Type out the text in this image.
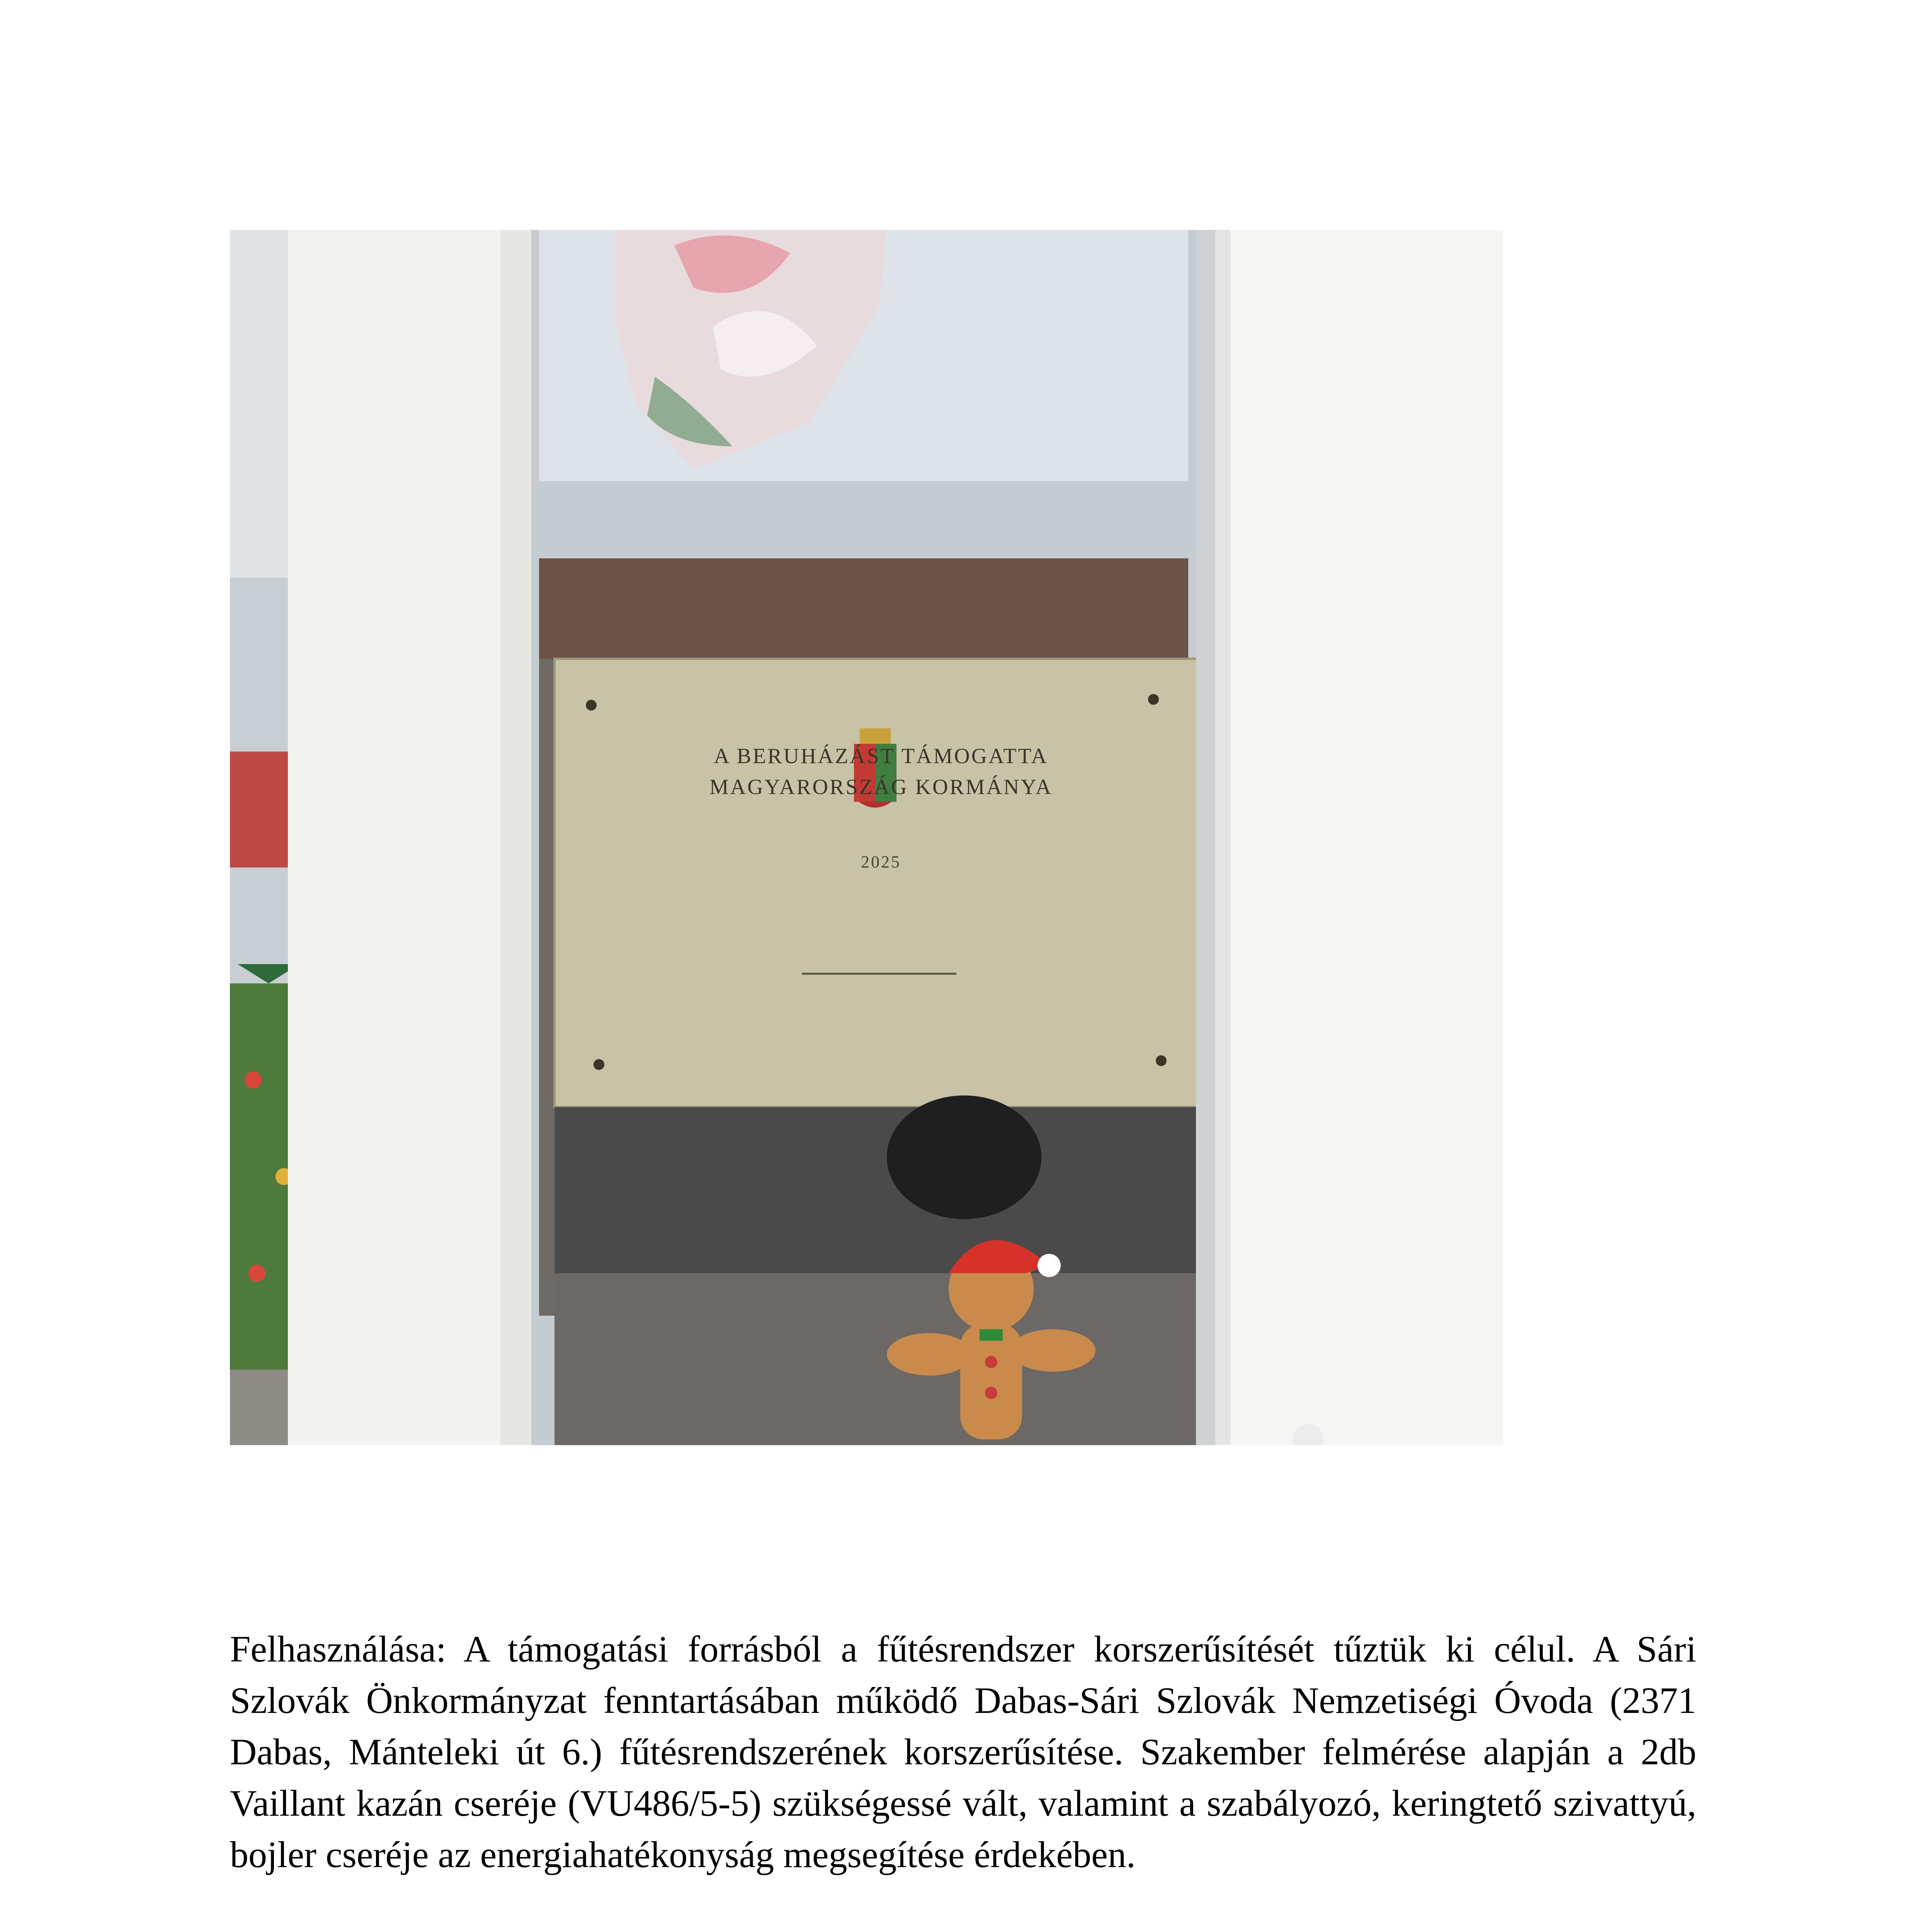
A BERUHÁZÁST TÁMOGATTA
MAGYARORSZÁG KORMÁNYA
2025

Felhasználása: A támogatási forrásból a fűtésrendszer korszerűsítését tűztük ki célul. A Sári Szlovák Önkormányzat fenntartásában működő Dabas-Sári Szlovák Nemzetiségi Óvoda (2371 Dabas, Mánteleki út 6.) fűtésrendszerének korszerűsítése. Szakember felmérése alapján a 2db Vaillant kazán cseréje (VU486/5-5) szükségessé vált, valamint a szabályozó, keringtető szivattyú, bojler cseréje az energiahatékonyság megsegítése érdekében.
